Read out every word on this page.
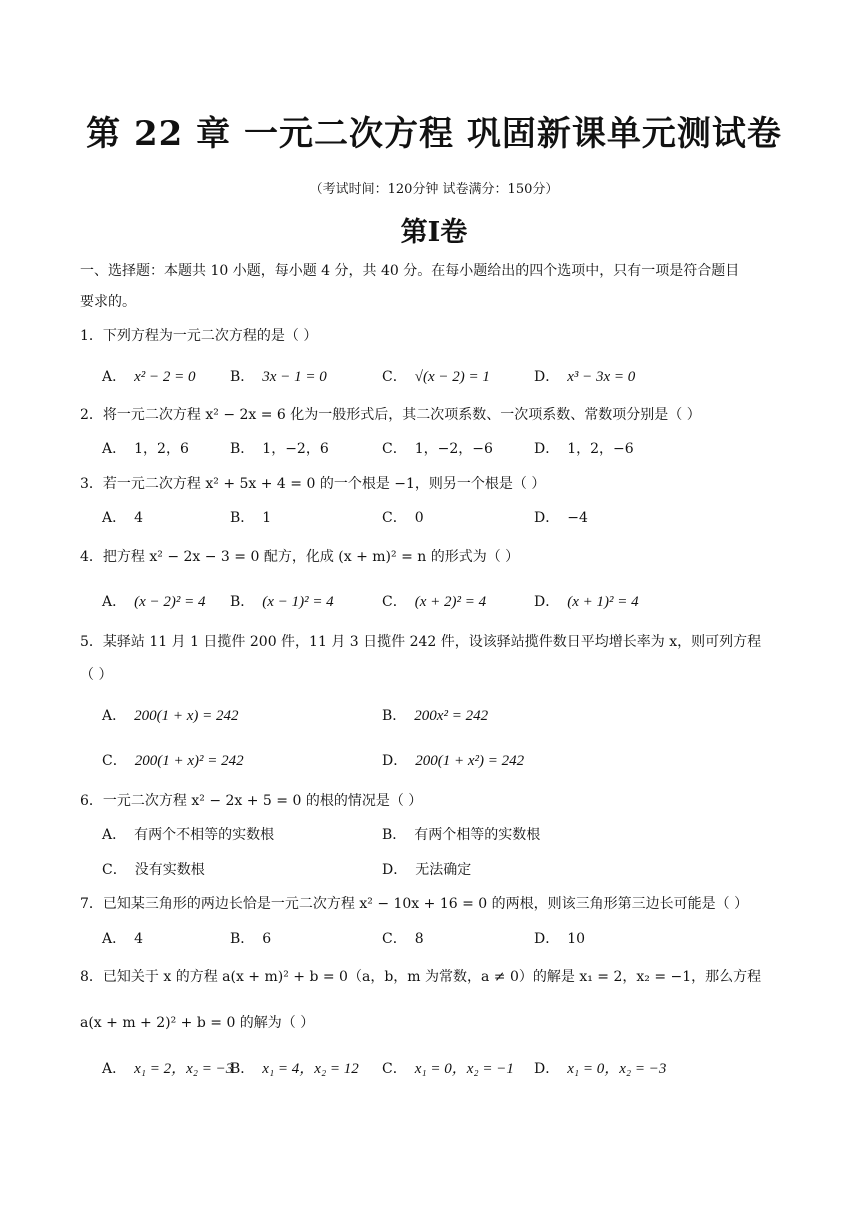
第 22 章 一元二次方程 巩固新课单元测试卷
（考试时间：120分钟 试卷满分：150分）
第Ⅰ卷
一、选择题：本题共 10 小题，每小题 4 分，共 40 分。在每小题给出的四个选项中，只有一项是符合题目
要求的。
1．下列方程为一元二次方程的是（ ）
A． x² − 2 = 0 B． 3x − 1 = 0	C． √(x − 2) = 1	D． x³ − 3x = 0
2．将一元二次方程 x² − 2x = 6 化为一般形式后，其二次项系数、一次项系数、常数项分别是（ ）
A． 1，2，6	B． 1，−2，6	C． 1，−2，−6	D． 1，2，−6
3．若一元二次方程 x² + 5x + 4 = 0 的一个根是 −1，则另一个根是（ ）
A． 4	B． 1	C． 0	D． −4
4．把方程 x² − 2x − 3 = 0 配方，化成 (x + m)² = n 的形式为（ ）
A． (x − 2)² = 4 B． (x − 1)² = 4	C． (x + 2)² = 4	D． (x + 1)² = 4
5．某驿站 11 月 1 日揽件 200 件，11 月 3 日揽件 242 件，设该驿站揽件数日平均增长率为 x，则可列方程
（ ）
A． 200(1 + x) = 242	B． 200x² = 242
C． 200(1 + x)² = 242	D． 200(1 + x²) = 242
6．一元二次方程 x² − 2x + 5 = 0 的根的情况是（ ）
A． 有两个不相等的实数根	B． 有两个相等的实数根
C． 没有实数根	D． 无法确定
7．已知某三角形的两边长恰是一元二次方程 x² − 10x + 16 = 0 的两根，则该三角形第三边长可能是（ ）
A． 4	B． 6	C． 8	D． 10
8．已知关于 x 的方程 a(x + m)² + b = 0（a，b，m 为常数，a ≠ 0）的解是 x₁ = 2，x₂ = −1，那么方程
a(x + m + 2)² + b = 0 的解为（ ）
A． x₁ = 2，x₂ = −3
B． x₁ = 4，x₂ = 12 C． x₁ = 0，x₂ = −1 D． x₁ = 0，x₂ = −3
